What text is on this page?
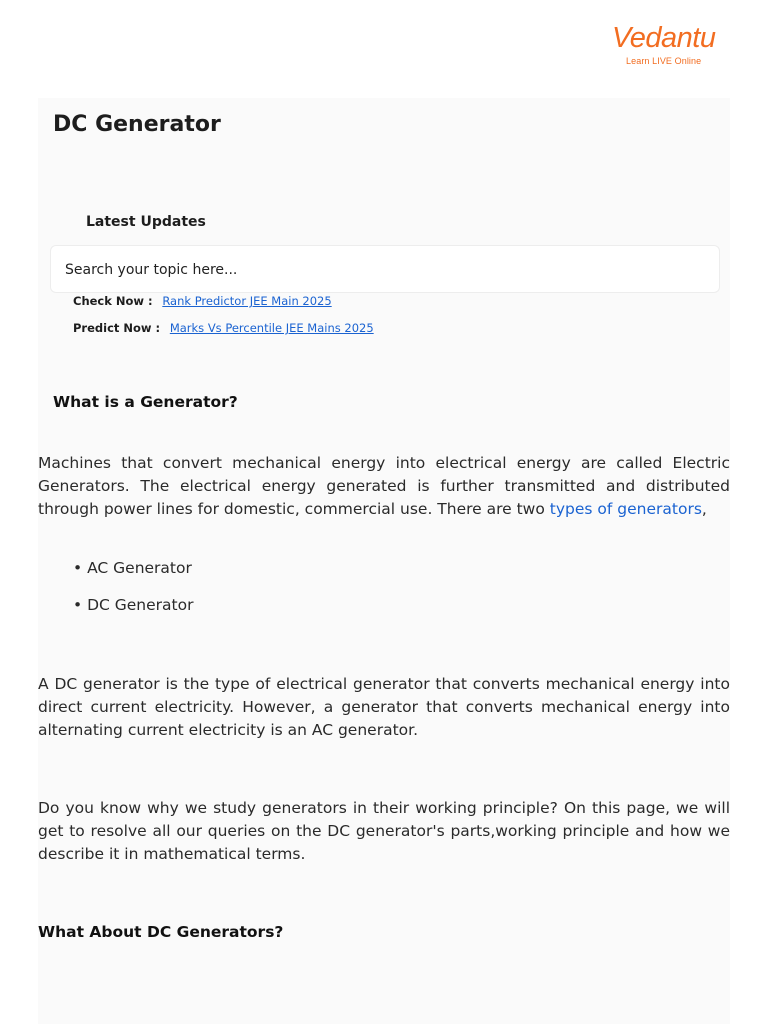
Vedantu
Learn LIVE Online
DC Generator
Latest Updates
Search your topic here...
Check Now : Rank Predictor JEE Main 2025
Predict Now : Marks Vs Percentile JEE Mains 2025
What is a Generator?

Machines that convert mechanical energy into electrical energy are called Electric Generators. The electrical energy generated is further transmitted and distributed through power lines for domestic, commercial use. There are two types of generators,

• AC Generator
• DC Generator

A DC generator is the type of electrical generator that converts mechanical energy into direct current electricity. However, a generator that converts mechanical energy into alternating current electricity is an AC generator.

Do you know why we study generators in their working principle? On this page, we will get to resolve all our queries on the DC generator's parts,working principle and how we describe it in mathematical terms.

What About DC Generators?
